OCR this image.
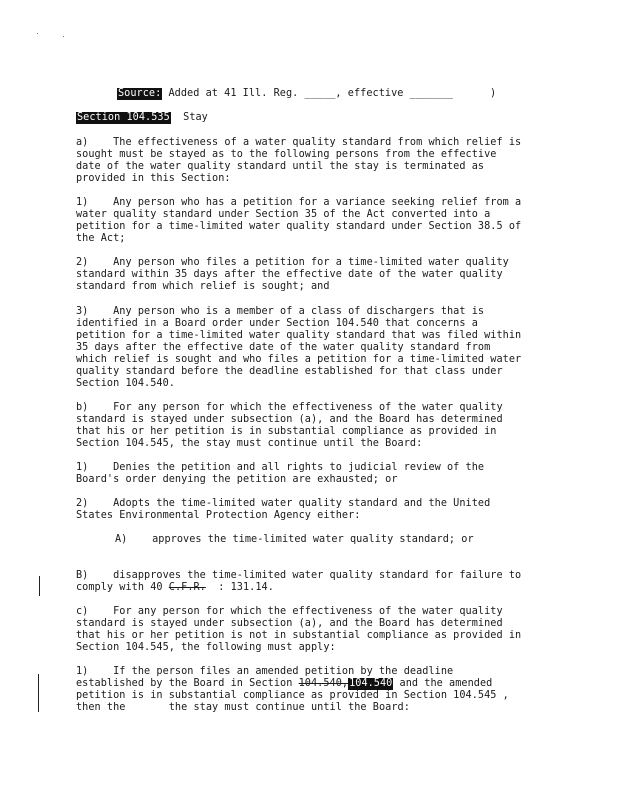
Source: Added at 41 Ill. Reg. _____, effective _______      )
Section 104.535  Stay
a)    The effectiveness of a water quality standard from which relief is
sought must be stayed as to the following persons from the effective
date of the water quality standard until the stay is terminated as
provided in this Section:
1)    Any person who has a petition for a variance seeking relief from a
water quality standard under Section 35 of the Act converted into a
petition for a time-limited water quality standard under Section 38.5 of
the Act;
2)    Any person who files a petition for a time-limited water quality
standard within 35 days after the effective date of the water quality
standard from which relief is sought; and
3)    Any person who is a member of a class of dischargers that is
identified in a Board order under Section 104.540 that concerns a
petition for a time-limited water quality standard that was filed within
35 days after the effective date of the water quality standard from
which relief is sought and who files a petition for a time-limited water
quality standard before the deadline established for that class under
Section 104.540.
b)    For any person for which the effectiveness of the water quality
standard is stayed under subsection (a), and the Board has determined
that his or her petition is in substantial compliance as provided in
Section 104.545, the stay must continue until the Board:
1)    Denies the petition and all rights to judicial review of the
Board's order denying the petition are exhausted; or
2)    Adopts the time-limited water quality standard and the United
States Environmental Protection Agency either:
A)    approves the time-limited water quality standard; or
B)    disapproves the time-limited water quality standard for failure to
comply with 40 C.F.R.  : 131.14.
c)    For any person for which the effectiveness of the water quality
standard is stayed under subsection (a), and the Board has determined
that his or her petition is not in substantial compliance as provided in
Section 104.545, the following must apply:
1)    If the person files an amended petition by the deadline
established by the Board in Section 104.540,104.540 and the amended
petition is in substantial compliance as provided in Section 104.545 ,
then the       the stay must continue until the Board:
